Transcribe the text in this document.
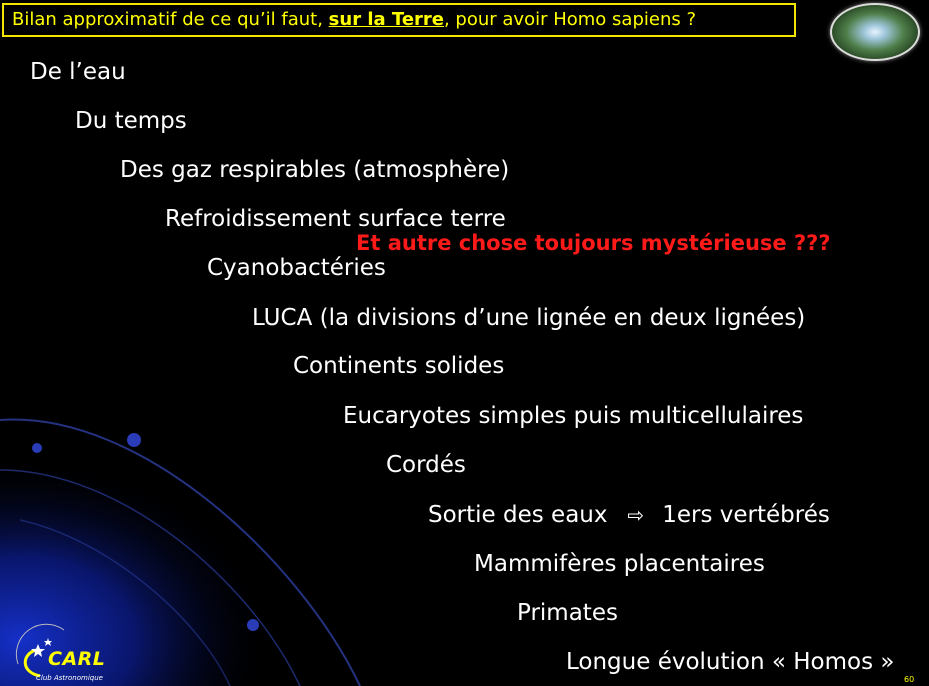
Bilan approximatif de ce qu’il faut, sur la Terre, pour avoir Homo sapiens ?
De l’eau
Du temps
Des gaz respirables (atmosphère)
Refroidissement surface terre
Et autre chose toujours mystérieuse ???
Cyanobactéries
LUCA (la divisions d’une lignée en deux lignées)
Continents solides
Eucaryotes simples puis multicellulaires
Cordés
Sortie des eaux ⇨ 1ers vertébrés
Mammifères placentaires
Primates
Longue évolution « Homos »
CARL
Club Astronomique	60
